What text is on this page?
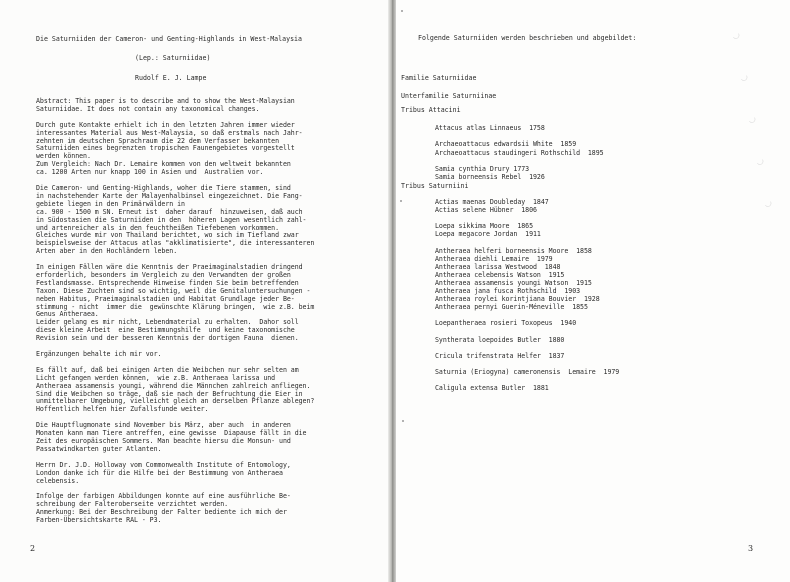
Die Saturniiden der Cameron- und Genting-Highlands in West-Malaysia
(Lep.: Saturniidae)
Rudolf E. J. Lampe
Abstract: This paper is to describe and to show the West-Malaysian
Saturniidae. It does not contain any taxonomical changes.

Durch gute Kontakte erhielt ich in den letzten Jahren immer wieder
interessantes Material aus West-Malaysia, so daß erstmals nach Jahr-
zehnten im deutschen Sprachraum die 22 dem Verfasser bekannten
Saturniiden eines begrenzten tropischen Faunengebietes vorgestellt
werden können.
Zum Vergleich: Nach Dr. Lemaire kommen von den weltweit bekannten
ca. 1200 Arten nur knapp 100 in Asien und  Australien vor.

Die Cameron- und Genting-Highlands, woher die Tiere stammen, sind
in nachstehender Karte der Malayenhalbinsel eingezeichnet. Die Fang-
gebiete liegen in den Primärwäldern in
ca. 900 - 1500 m SN. Erneut ist  daher darauf  hinzuweisen, daß auch
in Südostasien die Saturniiden in den  höheren Lagen wesentlich zahl-
und artenreicher als in den feuchtheißen Tiefebenen vorkommen.
Gleiches wurde mir von Thailand berichtet, wo sich im Tiefland zwar
beispielsweise der Attacus atlas "akklimatisierte", die interessanteren
Arten aber in den Hochländern leben.

In einigen Fällen wäre die Kenntnis der Praeimaginalstadien dringend
erforderlich, besonders im Vergleich zu den Verwandten der großen
Festlandsmasse. Entsprechende Hinweise finden Sie beim betreffenden
Taxon. Diese Zuchten sind so wichtig, weil die Genitaluntersuchungen -
neben Habitus, Praeimaginalstadien und Habitat Grundlage jeder Be-
stimmung - nicht  immer die  gewünschte Klärung bringen,  wie z.B. beim
Genus Antheraea.
Leider gelang es mir nicht, Lebendmaterial zu erhalten.  Dahor soll
diese kleine Arbeit  eine Bestimmungshilfe  und keine taxonomische
Revision sein und der besseren Kenntnis der dortigen Fauna  dienen.

Ergänzungen behalte ich mir vor.

Es fällt auf, daß bei einigen Arten die Weibchen nur sehr selten am
Licht gefangen werden können,  wie z.B. Antheraea larissa und
Antheraea assamensis youngi, während die Männchen zahlreich anfliegen.
Sind die Weibchen so träge, daß sie nach der Befruchtung die Eier in
unmittelbarer Umgebung, vielleicht gleich an derselben Pflanze ablegen?
Hoffentlich helfen hier Zufallsfunde weiter.

Die Hauptflugmonate sind November bis März, aber auch  in anderen
Monaten kann man Tiere antreffen, eine gewisse  Diapause fällt in die
Zeit des europäischen Sommers. Man beachte hiersu die Monsun- und
Passatwindkarten guter Atlanten.

Herrn Dr. J.D. Holloway vom Commonwealth Institute of Entomology,
London danke ich für die Hilfe bei der Bestimmung von Antheraea
celebensis.

Infolge der farbigen Abbildungen konnte auf eine ausführliche Be-
schreibung der Falteroberseite verzichtet werden.
Anmerkung: Bei der Beschreibung der Falter bediente ich mich der
Farben-Übersichtskarte RAL - P3.
2
Folgende Saturniiden werden beschrieben und abgebildet:
Familie Saturniidae
Unterfamilie Saturniinae
Tribus Attacini
Attacus atlas Linnaeus  1758

Archaeoattacus edwardsii White  1859
Archaeoattacus staudingeri Rothschild  1895

Samia cynthia Drury 1773
Samia borneensis Rebel  1926
Tribus Saturniini
Actias maenas Doubleday  1847
Actias selene Hübner  1806

Loepa sikkima Moore  1865
Loepa megacore Jordan  1911

Antheraea helferi borneensis Moore  1858
Antheraea diehli Lemaire  1979
Antheraea larissa Westwood  1848
Antheraea celebensis Watson  1915
Antheraea assamensis youngi Watson  1915
Antheraea jana fusca Rothschild  1903
Antheraea roylei korintjiana Bouvier  1928
Antheraea pernyi Guerin-Méneville  1855

Loepantheraea rosieri Toxopeus  1940

Syntherata loepoides Butler  1880

Cricula trifenstrata Helfer  1837

Saturnia (Eriogyna) cameronensis  Lemaire  1979

Caligula extensa Butler  1881
3
◡
◡
◡
◡
◡
